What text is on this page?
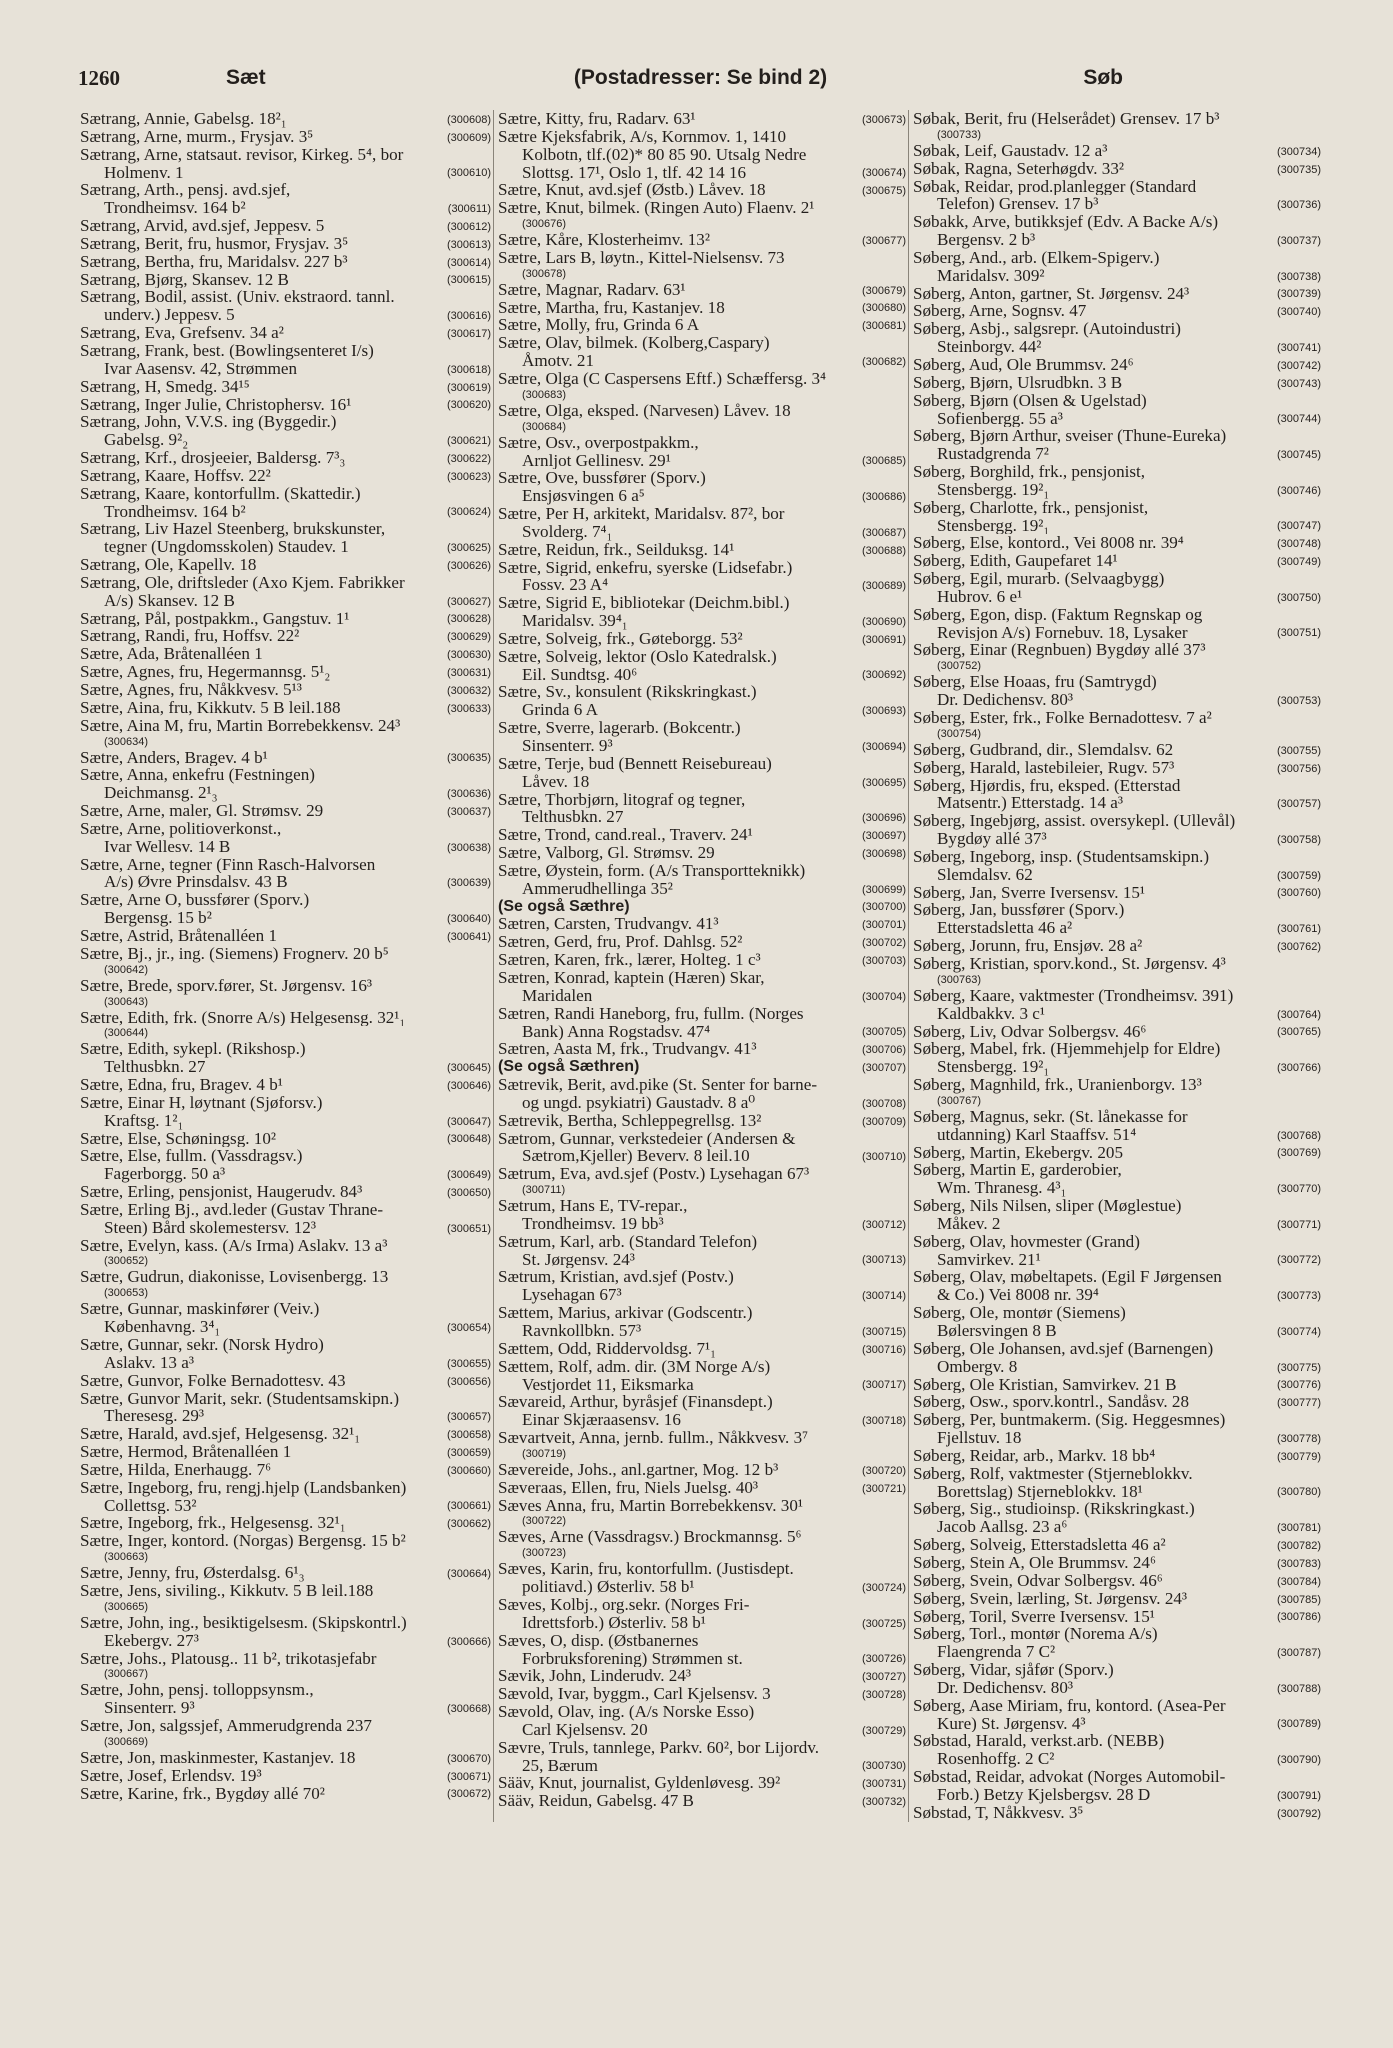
1260	Sæt	(Postadresser: Se bind 2)	Søb
Sætrang, Annie, Gabelsg. 18²₁	(300608)
Sætrang, Arne, murm., Frysjav. 3⁵	(300609)
Sætrang, Arne, statsaut. revisor, Kirkeg. 5⁴, bor
Holmenv. 1	(300610)
Sætrang, Arth., pensj. avd.sjef,
Trondheimsv. 164 b²	(300611)
Sætrang, Arvid, avd.sjef, Jeppesv. 5	(300612)
Sætrang, Berit, fru, husmor, Frysjav. 3⁵	(300613)
Sætrang, Bertha, fru, Maridalsv. 227 b³	(300614)
Sætrang, Bjørg, Skansev. 12 B	(300615)
Sætrang, Bodil, assist. (Univ. ekstraord. tannl.
underv.) Jeppesv. 5	(300616)
Sætrang, Eva, Grefsenv. 34 a²	(300617)
Sætrang, Frank, best. (Bowlingsenteret I/s)
Ivar Aasensv. 42, Strømmen	(300618)
Sætrang, H, Smedg. 34¹⁵	(300619)
Sætrang, Inger Julie, Christophersv. 16¹	(300620)
Sætrang, John, V.V.S. ing (Byggedir.)
Gabelsg. 9²₂	(300621)
Sætrang, Krf., drosjeeier, Baldersg. 7³₃	(300622)
Sætrang, Kaare, Hoffsv. 22²	(300623)
Sætrang, Kaare, kontorfullm. (Skattedir.)
Trondheimsv. 164 b²	(300624)
Sætrang, Liv Hazel Steenberg, brukskunster,
tegner (Ungdomsskolen) Staudev. 1	(300625)
Sætrang, Ole, Kapellv. 18	(300626)
Sætrang, Ole, driftsleder (Axo Kjem. Fabrikker
A/s) Skansev. 12 B	(300627)
Sætrang, Pål, postpakkm., Gangstuv. 1¹	(300628)
Sætrang, Randi, fru, Hoffsv. 22²	(300629)
Sætre, Ada, Bråtenalléen 1	(300630)
Sætre, Agnes, fru, Hegermannsg. 5¹₂	(300631)
Sætre, Agnes, fru, Nåkkvesv. 5¹³	(300632)
Sætre, Aina, fru, Kikkutv. 5 B leil.188	(300633)
Sætre, Aina M, fru, Martin Borrebekkensv. 24³
(300634)
Sætre, Anders, Bragev. 4 b¹	(300635)
Sætre, Anna, enkefru (Festningen)
Deichmansg. 2¹₃	(300636)
Sætre, Arne, maler, Gl. Strømsv. 29	(300637)
Sætre, Arne, politioverkonst.,
Ivar Wellesv. 14 B	(300638)
Sætre, Arne, tegner (Finn Rasch-Halvorsen
A/s) Øvre Prinsdalsv. 43 B	(300639)
Sætre, Arne O, bussfører (Sporv.)
Bergensg. 15 b²	(300640)
Sætre, Astrid, Bråtenalléen 1	(300641)
Sætre, Bj., jr., ing. (Siemens) Frognerv. 20 b⁵
(300642)
Sætre, Brede, sporv.fører, St. Jørgensv. 16³
(300643)
Sætre, Edith, frk. (Snorre A/s) Helgesensg. 32¹₁
(300644)
Sætre, Edith, sykepl. (Rikshosp.)
Telthusbkn. 27	(300645)
Sætre, Edna, fru, Bragev. 4 b¹	(300646)
Sætre, Einar H, løytnant (Sjøforsv.)
Kraftsg. 1²₁	(300647)
Sætre, Else, Schøningsg. 10²	(300648)
Sætre, Else, fullm. (Vassdragsv.)
Fagerborgg. 50 a³	(300649)
Sætre, Erling, pensjonist, Haugerudv. 84³	(300650)
Sætre, Erling Bj., avd.leder (Gustav Thrane-
Steen) Bård skolemestersv. 12³	(300651)
Sætre, Evelyn, kass. (A/s Irma) Aslakv. 13 a³
(300652)
Sætre, Gudrun, diakonisse, Lovisenbergg. 13
(300653)
Sætre, Gunnar, maskinfører (Veiv.)
Københavng. 3⁴₁	(300654)
Sætre, Gunnar, sekr. (Norsk Hydro)
Aslakv. 13 a³	(300655)
Sætre, Gunvor, Folke Bernadottesv. 43	(300656)
Sætre, Gunvor Marit, sekr. (Studentsamskipn.)
Theresesg. 29³	(300657)
Sætre, Harald, avd.sjef, Helgesensg. 32¹₁	(300658)
Sætre, Hermod, Bråtenalléen 1	(300659)
Sætre, Hilda, Enerhaugg. 7⁶	(300660)
Sætre, Ingeborg, fru, rengj.hjelp (Landsbanken)
Collettsg. 53²	(300661)
Sætre, Ingeborg, frk., Helgesensg. 32¹₁	(300662)
Sætre, Inger, kontord. (Norgas) Bergensg. 15 b²
(300663)
Sætre, Jenny, fru, Østerdalsg. 6¹₃	(300664)
Sætre, Jens, siviling., Kikkutv. 5 B leil.188
(300665)
Sætre, John, ing., besiktigelsesm. (Skipskontrl.)
Ekebergv. 27³	(300666)
Sætre, Johs., Platousg.. 11 b², trikotasjefabr
(300667)
Sætre, John, pensj. tolloppsynsm.,
Sinsenterr. 9³	(300668)
Sætre, Jon, salgssjef, Ammerudgrenda 237
(300669)
Sætre, Jon, maskinmester, Kastanjev. 18	(300670)
Sætre, Josef, Erlendsv. 19³	(300671)
Sætre, Karine, frk., Bygdøy allé 70²	(300672)
Sætre, Kitty, fru, Radarv. 63¹	(300673)
Sætre Kjeksfabrik, A/s, Kornmov. 1, 1410
Kolbotn, tlf.(02)* 80 85 90. Utsalg Nedre
Slottsg. 17¹, Oslo 1, tlf. 42 14 16	(300674)
Sætre, Knut, avd.sjef (Østb.) Låvev. 18	(300675)
Sætre, Knut, bilmek. (Ringen Auto) Flaenv. 2¹
(300676)
Sætre, Kåre, Klosterheimv. 13²	(300677)
Sætre, Lars B, løytn., Kittel-Nielsensv. 73
(300678)
Sætre, Magnar, Radarv. 63¹	(300679)
Sætre, Martha, fru, Kastanjev. 18	(300680)
Sætre, Molly, fru, Grinda 6 A	(300681)
Sætre, Olav, bilmek. (Kolberg,Caspary)
Åmotv. 21	(300682)
Sætre, Olga (C Caspersens Eftf.) Schæffersg. 3⁴
(300683)
Sætre, Olga, eksped. (Narvesen) Låvev. 18
(300684)
Sætre, Osv., overpostpakkm.,
Arnljot Gellinesv. 29¹	(300685)
Sætre, Ove, bussfører (Sporv.)
Ensjøsvingen 6 a⁵	(300686)
Sætre, Per H, arkitekt, Maridalsv. 87², bor
Svolderg. 7⁴₁	(300687)
Sætre, Reidun, frk., Seilduksg. 14¹	(300688)
Sætre, Sigrid, enkefru, syerske (Lidsefabr.)
Fossv. 23 A⁴	(300689)
Sætre, Sigrid E, bibliotekar (Deichm.bibl.)
Maridalsv. 39⁴₁	(300690)
Sætre, Solveig, frk., Gøteborgg. 53²	(300691)
Sætre, Solveig, lektor (Oslo Katedralsk.)
Eil. Sundtsg. 40⁶	(300692)
Sætre, Sv., konsulent (Rikskringkast.)
Grinda 6 A	(300693)
Sætre, Sverre, lagerarb. (Bokcentr.)
Sinsenterr. 9³	(300694)
Sætre, Terje, bud (Bennett Reisebureau)
Låvev. 18	(300695)
Sætre, Thorbjørn, litograf og tegner,
Telthusbkn. 27	(300696)
Sætre, Trond, cand.real., Traverv. 24¹	(300697)
Sætre, Valborg, Gl. Strømsv. 29	(300698)
Sætre, Øystein, form. (A/s Transportteknikk)
Ammerudhellinga 35²	(300699)
(Se også Sæthre)	(300700)
Sætren, Carsten, Trudvangv. 41³	(300701)
Sætren, Gerd, fru, Prof. Dahlsg. 52²	(300702)
Sætren, Karen, frk., lærer, Holteg. 1 c³	(300703)
Sætren, Konrad, kaptein (Hæren) Skar,
Maridalen	(300704)
Sætren, Randi Haneborg, fru, fullm. (Norges
Bank) Anna Rogstadsv. 47⁴	(300705)
Sætren, Aasta M, frk., Trudvangv. 41³	(300706)
(Se også Sæthren)	(300707)
Sætrevik, Berit, avd.pike (St. Senter for barne-
og ungd. psykiatri) Gaustadv. 8 a⁰	(300708)
Sætrevik, Bertha, Schleppegrellsg. 13²	(300709)
Sætrom, Gunnar, verkstedeier (Andersen &
Sætrom,Kjeller) Beverv. 8 leil.10	(300710)
Sætrum, Eva, avd.sjef (Postv.) Lysehagan 67³
(300711)
Sætrum, Hans E, TV-repar.,
Trondheimsv. 19 bb³	(300712)
Sætrum, Karl, arb. (Standard Telefon)
St. Jørgensv. 24³	(300713)
Sætrum, Kristian, avd.sjef (Postv.)
Lysehagan 67³	(300714)
Sættem, Marius, arkivar (Godscentr.)
Ravnkollbkn. 57³	(300715)
Sættem, Odd, Riddervoldsg. 7¹₁	(300716)
Sættem, Rolf, adm. dir. (3M Norge A/s)
Vestjordet 11, Eiksmarka	(300717)
Sævareid, Arthur, byråsjef (Finansdept.)
Einar Skjæraasensv. 16	(300718)
Sævartveit, Anna, jernb. fullm., Nåkkvesv. 3⁷
(300719)
Sævereide, Johs., anl.gartner, Mog. 12 b³	(300720)
Sæveraas, Ellen, fru, Niels Juelsg. 40³	(300721)
Sæves Anna, fru, Martin Borrebekkensv. 30¹
(300722)
Sæves, Arne (Vassdragsv.) Brockmannsg. 5⁶
(300723)
Sæves, Karin, fru, kontorfullm. (Justisdept.
politiavd.) Østerliv. 58 b¹	(300724)
Sæves, Kolbj., org.sekr. (Norges Fri-
Idrettsforb.) Østerliv. 58 b¹	(300725)
Sæves, O, disp. (Østbanernes
Forbruksforening) Strømmen st.	(300726)
Sævik, John, Linderudv. 24³	(300727)
Sævold, Ivar, byggm., Carl Kjelsensv. 3	(300728)
Sævold, Olav, ing. (A/s Norske Esso)
Carl Kjelsensv. 20	(300729)
Sævre, Truls, tannlege, Parkv. 60², bor Lijordv.
25, Bærum	(300730)
Sääv, Knut, journalist, Gyldenløvesg. 39²	(300731)
Sääv, Reidun, Gabelsg. 47 B	(300732)
Søbak, Berit, fru (Helserådet) Grensev. 17 b³
(300733)
Søbak, Leif, Gaustadv. 12 a³	(300734)
Søbak, Ragna, Seterhøgdv. 33²	(300735)
Søbak, Reidar, prod.planlegger (Standard
Telefon) Grensev. 17 b³	(300736)
Søbakk, Arve, butikksjef (Edv. A Backe A/s)
Bergensv. 2 b³	(300737)
Søberg, And., arb. (Elkem-Spigerv.)
Maridalsv. 309²	(300738)
Søberg, Anton, gartner, St. Jørgensv. 24³	(300739)
Søberg, Arne, Sognsv. 47	(300740)
Søberg, Asbj., salgsrepr. (Autoindustri)
Steinborgv. 44²	(300741)
Søberg, Aud, Ole Brummsv. 24⁶	(300742)
Søberg, Bjørn, Ulsrudbkn. 3 B	(300743)
Søberg, Bjørn (Olsen & Ugelstad)
Sofienbergg. 55 a³	(300744)
Søberg, Bjørn Arthur, sveiser (Thune-Eureka)
Rustadgrenda 7²	(300745)
Søberg, Borghild, frk., pensjonist,
Stensbergg. 19²₁	(300746)
Søberg, Charlotte, frk., pensjonist,
Stensbergg. 19²₁	(300747)
Søberg, Else, kontord., Vei 8008 nr. 39⁴	(300748)
Søberg, Edith, Gaupefaret 14¹	(300749)
Søberg, Egil, murarb. (Selvaagbygg)
Hubrov. 6 e¹	(300750)
Søberg, Egon, disp. (Faktum Regnskap og
Revisjon A/s) Fornebuv. 18, Lysaker	(300751)
Søberg, Einar (Regnbuen) Bygdøy allé 37³
(300752)
Søberg, Else Hoaas, fru (Samtrygd)
Dr. Dedichensv. 80³	(300753)
Søberg, Ester, frk., Folke Bernadottesv. 7 a²
(300754)
Søberg, Gudbrand, dir., Slemdalsv. 62	(300755)
Søberg, Harald, lastebileier, Rugv. 57³	(300756)
Søberg, Hjørdis, fru, eksped. (Etterstad
Matsentr.) Etterstadg. 14 a³	(300757)
Søberg, Ingebjørg, assist. oversykepl. (Ullevål)
Bygdøy allé 37³	(300758)
Søberg, Ingeborg, insp. (Studentsamskipn.)
Slemdalsv. 62	(300759)
Søberg, Jan, Sverre Iversensv. 15¹	(300760)
Søberg, Jan, bussfører (Sporv.)
Etterstadsletta 46 a²	(300761)
Søberg, Jorunn, fru, Ensjøv. 28 a²	(300762)
Søberg, Kristian, sporv.kond., St. Jørgensv. 4³
(300763)
Søberg, Kaare, vaktmester (Trondheimsv. 391)
Kaldbakkv. 3 c¹	(300764)
Søberg, Liv, Odvar Solbergsv. 46⁶	(300765)
Søberg, Mabel, frk. (Hjemmehjelp for Eldre)
Stensbergg. 19²₁	(300766)
Søberg, Magnhild, frk., Uranienborgv. 13³
(300767)
Søberg, Magnus, sekr. (St. lånekasse for
utdanning) Karl Staaffsv. 51⁴	(300768)
Søberg, Martin, Ekebergv. 205	(300769)
Søberg, Martin E, garderobier,
Wm. Thranesg. 4³₁	(300770)
Søberg, Nils Nilsen, sliper (Møglestue)
Måkev. 2	(300771)
Søberg, Olav, hovmester (Grand)
Samvirkev. 21¹	(300772)
Søberg, Olav, møbeltapets. (Egil F Jørgensen
& Co.) Vei 8008 nr. 39⁴	(300773)
Søberg, Ole, montør (Siemens)
Bølersvingen 8 B	(300774)
Søberg, Ole Johansen, avd.sjef (Barnengen)
Ombergv. 8	(300775)
Søberg, Ole Kristian, Samvirkev. 21 B	(300776)
Søberg, Osw., sporv.kontrl., Sandåsv. 28	(300777)
Søberg, Per, buntmakerm. (Sig. Heggesmnes)
Fjellstuv. 18	(300778)
Søberg, Reidar, arb., Markv. 18 bb⁴	(300779)
Søberg, Rolf, vaktmester (Stjerneblokkv.
Borettslag) Stjerneblokkv. 18¹	(300780)
Søberg, Sig., studioinsp. (Rikskringkast.)
Jacob Aallsg. 23 a⁶	(300781)
Søberg, Solveig, Etterstadsletta 46 a²	(300782)
Søberg, Stein A, Ole Brummsv. 24⁶	(300783)
Søberg, Svein, Odvar Solbergsv. 46⁶	(300784)
Søberg, Svein, lærling, St. Jørgensv. 24³	(300785)
Søberg, Toril, Sverre Iversensv. 15¹	(300786)
Søberg, Torl., montør (Norema A/s)
Flaengrenda 7 C²	(300787)
Søberg, Vidar, sjåfør (Sporv.)
Dr. Dedichensv. 80³	(300788)
Søberg, Aase Miriam, fru, kontord. (Asea-Per
Kure) St. Jørgensv. 4³	(300789)
Søbstad, Harald, verkst.arb. (NEBB)
Rosenhoffg. 2 C²	(300790)
Søbstad, Reidar, advokat (Norges Automobil-
Forb.) Betzy Kjelsbergsv. 28 D	(300791)
Søbstad, T, Nåkkvesv. 3⁵	(300792)
